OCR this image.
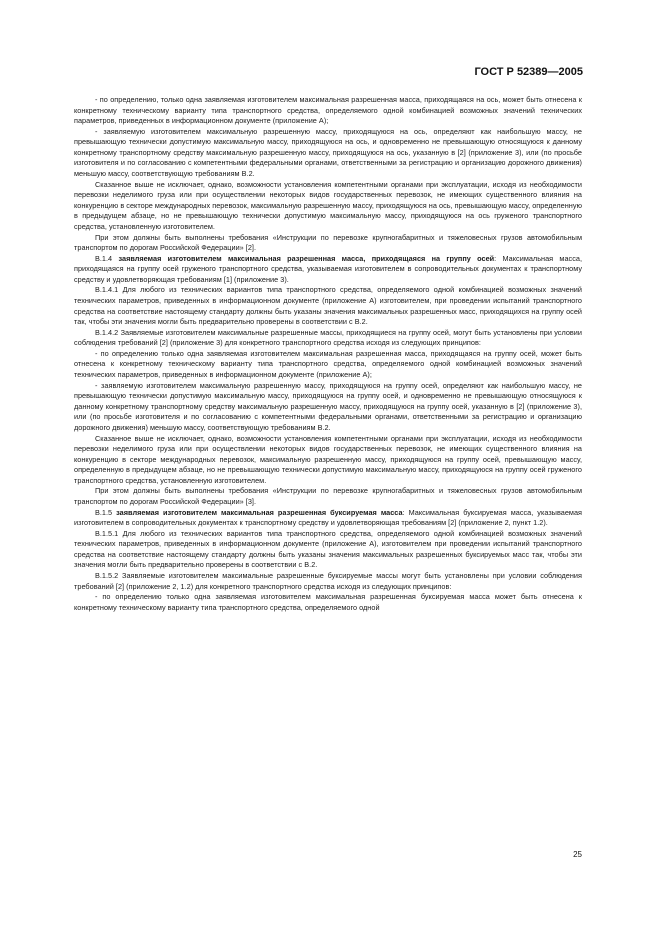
ГОСТ Р 52389—2005

- по определению, только одна заявляемая изготовителем максимальная разрешенная масса, приходящаяся на ось, может быть отнесена к конкретному техническому варианту типа транспортного средства, определяемого одной комбинацией возможных значений технических параметров, приведенных в информационном документе (приложение А);

- заявляемую изготовителем максимальную разрешенную массу, приходящуюся на ось, определяют как наибольшую массу, не превышающую технически допустимую максимальную массу, приходящуюся на ось, и одновременно не превышающую относящуюся к данному конкретному транспортному средству максимальную разрешенную массу, приходящуюся на ось, указанную в [2] (приложение 3), или (по просьбе изготовителя и по согласованию с компетентными федеральными органами, ответственными за регистрацию и организацию дорожного движения) меньшую массу, соответствующую требованиям В.2.

Сказанное выше не исключает, однако, возможности установления компетентными органами при эксплуатации, исходя из необходимости перевозки неделимого груза или при осуществлении некоторых видов государственных перевозок, не имеющих существенного влияния на конкуренцию в секторе международных перевозок, максимальную разрешенную массу, приходящуюся на ось, превышающую массу, определенную в предыдущем абзаце, но не превышающую технически допустимую максимальную массу, приходящуюся на ось груженого транспортного средства, установленную изготовителем.

При этом должны быть выполнены требования «Инструкции по перевозке крупногабаритных и тяжеловесных грузов автомобильным транспортом по дорогам Российской Федерации» [2].

В.1.4 заявляемая изготовителем максимальная разрешенная масса, приходящаяся на группу осей: Максимальная масса, приходящаяся на группу осей груженого транспортного средства, указываемая изготовителем в сопроводительных документах к транспортному средству и удовлетворяющая требованиям [1] (приложение 3).

В.1.4.1 Для любого из технических вариантов типа транспортного средства, определяемого одной комбинацией возможных значений технических параметров, приведенных в информационном документе (приложение А) изготовителем, при проведении испытаний транспортного средства на соответствие настоящему стандарту должны быть указаны значения максимальных разрешенных масс, приходящихся на группу осей так, чтобы эти значения могли быть предварительно проверены в соответствии с В.2.

В.1.4.2 Заявляемые изготовителем максимальные разрешенные массы, приходящиеся на группу осей, могут быть установлены при условии соблюдения требований [2] (приложение 3) для конкретного транспортного средства исходя из следующих принципов:

- по определению только одна заявляемая изготовителем максимальная разрешенная масса, приходящаяся на группу осей, может быть отнесена к конкретному техническому варианту типа транспортного средства, определяемого одной комбинацией возможных значений технических параметров, приведенных в информационном документе (приложение А);

- заявляемую изготовителем максимальную разрешенную массу, приходящуюся на группу осей, определяют как наибольшую массу, не превышающую технически допустимую максимальную массу, приходящуюся на группу осей, и одновременно не превышающую относящуюся к данному конкретному транспортному средству максимальную разрешенную массу, приходящуюся на группу осей, указанную в [2] (приложение 3), или (по просьбе изготовителя и по согласованию с компетентными федеральными органами, ответственными за регистрацию и организацию дорожного движения) меньшую массу, соответствующую требованиям В.2.

Сказанное выше не исключает, однако, возможности установления компетентными органами при эксплуатации, исходя из необходимости перевозки неделимого груза или при осуществлении некоторых видов государственных перевозок, не имеющих существенного влияния на конкуренцию в секторе международных перевозок, максимальную разрешенную массу, приходящуюся на группу осей, превышающую массу, определенную в предыдущем абзаце, но не превышающую технически допустимую максимальную массу, приходящуюся на группу осей груженого транспортного средства, установленную изготовителем.

При этом должны быть выполнены требования «Инструкции по перевозке крупногабаритных и тяжеловесных грузов автомобильным транспортом по дорогам Российской Федерации» [3].

В.1.5 заявляемая изготовителем максимальная разрешенная буксируемая масса: Максимальная буксируемая масса, указываемая изготовителем в сопроводительных документах к транспортному средству и удовлетворяющая требованиям [2] (приложение 2, пункт 1.2).

В.1.5.1 Для любого из технических вариантов типа транспортного средства, определяемого одной комбинацией возможных значений технических параметров, приведенных в информационном документе (приложение А), изготовителем при проведении испытаний транспортного средства на соответствие настоящему стандарту должны быть указаны значения максимальных разрешенных буксируемых масс так, чтобы эти значения могли быть предварительно проверены в соответствии с В.2.

В.1.5.2 Заявляемые изготовителем максимальные разрешенные буксируемые массы могут быть установлены при условии соблюдения требований [2] (приложение 2, 1.2) для конкретного транспортного средства исходя из следующих принципов:

- по определению только одна заявляемая изготовителем максимальная разрешенная буксируемая масса может быть отнесена к конкретному техническому варианту типа транспортного средства, определяемого одной

25
